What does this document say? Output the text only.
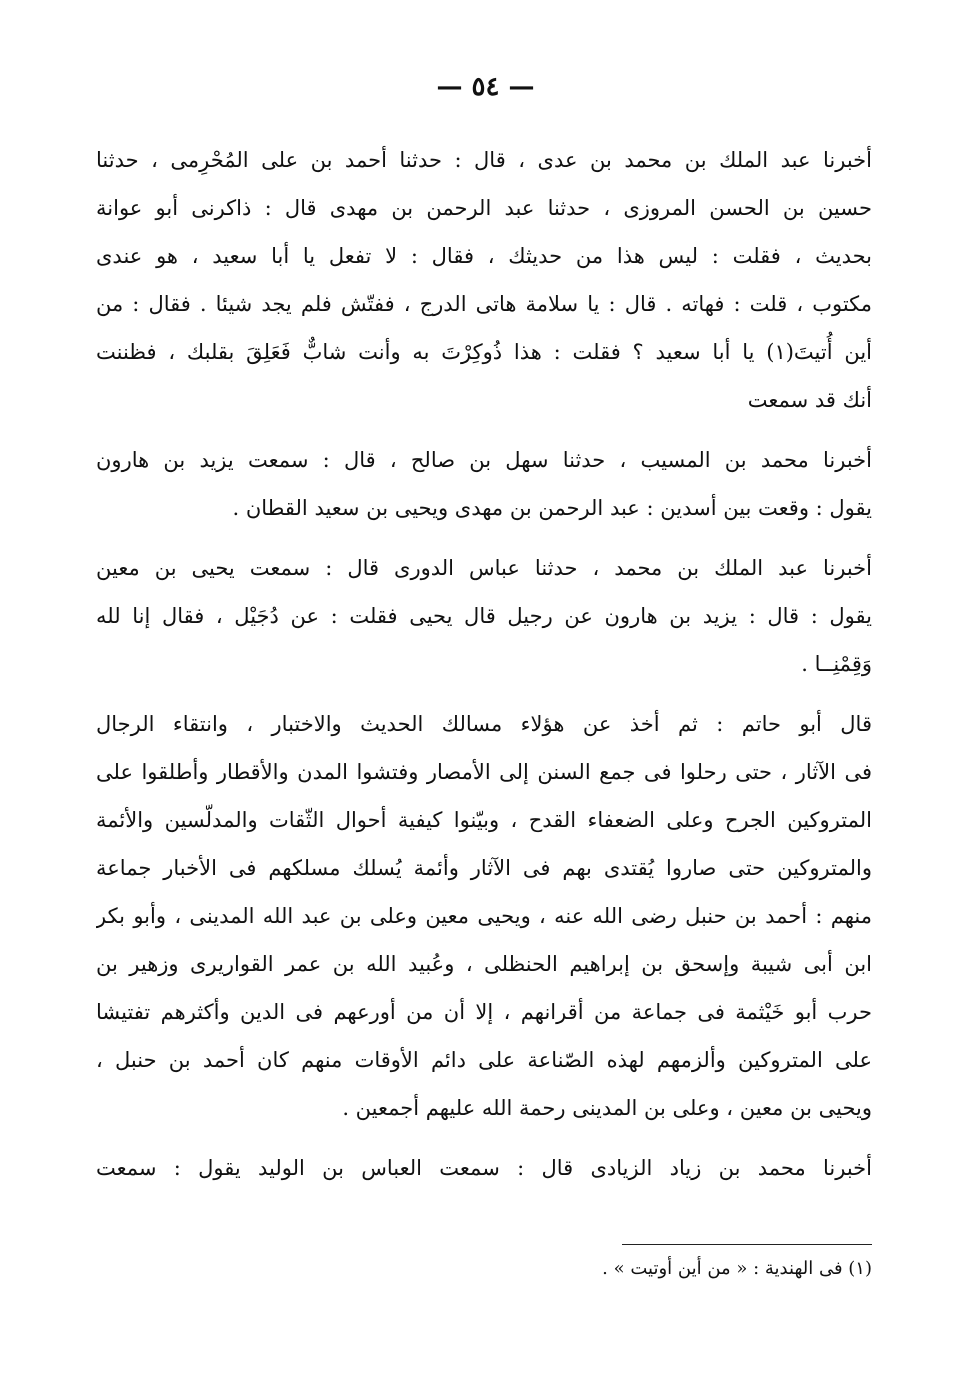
— ٥٤ —
أخبرنا عبد الملك بن محمد بن عدى ، قال : حدثنا أحمد بن على المُحْرِمى ، حدثنا
حسين بن الحسن المروزى ، حدثنا عبد الرحمن بن مهدى قال : ذاكرنى أبو عوانة
بحديث ، فقلت : ليس هذا من حديثك ، فقال : لا تفعل يا أبا سعيد ، هو عندى
مكتوب ، قلت : فهاته . قال : يا سلامة هاتى الدرج ، ففتّش فلم يجد شيئا . فقال : من
أين أُتيتَ(١) يا أبا سعيد ؟ فقلت : هذا ذُوكِرْتَ به وأنت شابٌّ فَعَلِقَ بقلبك ، فظننت
أنك قد سمعت
أخبرنا محمد بن المسيب ، حدثنا سهل بن صالح ، قال : سمعت يزيد بن هارون
يقول : وقعت بين أسدين : عبد الرحمن بن مهدى ويحيى بن سعيد القطان .
أخبرنا عبد الملك بن محمد ، حدثنا عباس الدورى قال : سمعت يحيى بن معين
يقول : قال : يزيد بن هارون عن رجيل قال يحيى فقلت : عن دُجَيْل ، فقال إنا لله
وَقِمْنِــا .
قال أبو حاتم : ثم أخذ عن هؤلاء مسالك الحديث والاختبار ، وانتقاء الرجال
فى الآثار ، حتى رحلوا فى جمع السنن إلى الأمصار وفتشوا المدن والأقطار وأطلقوا على
المتروكين الجرح وعلى الضعفاء القدح ، وبيّنوا كيفية أحوال الثّقات والمدلّسين والأئمة
والمتروكين حتى صاروا يُقتدى بهم فى الآثار وأئمة يُسلك مسلكهم فى الأخبار جماعة
منهم : أحمد بن حنبل رضى الله عنه ، ويحيى معين وعلى بن عبد الله المدينى ، وأبو بكر
ابن أبى شيبة وإسحق بن إبراهيم الحنظلى ، وعُبيد الله بن عمر القواريرى وزهير بن
حرب أبو خَيْثمة فى جماعة من أقرانهم ، إلا أن من أورعهم فى الدين وأكثرهم تفتيشا
على المتروكين وألزمهم لهذه الصّناعة على دائم الأوقات منهم كان أحمد بن حنبل ،
ويحيى بن معين ، وعلى بن المدينى رحمة الله عليهم أجمعين .
أخبرنا محمد بن زياد الزيادى قال : سمعت العباس بن الوليد يقول : سمعت
(١) فى الهندية : « من أين أوتيت » .
